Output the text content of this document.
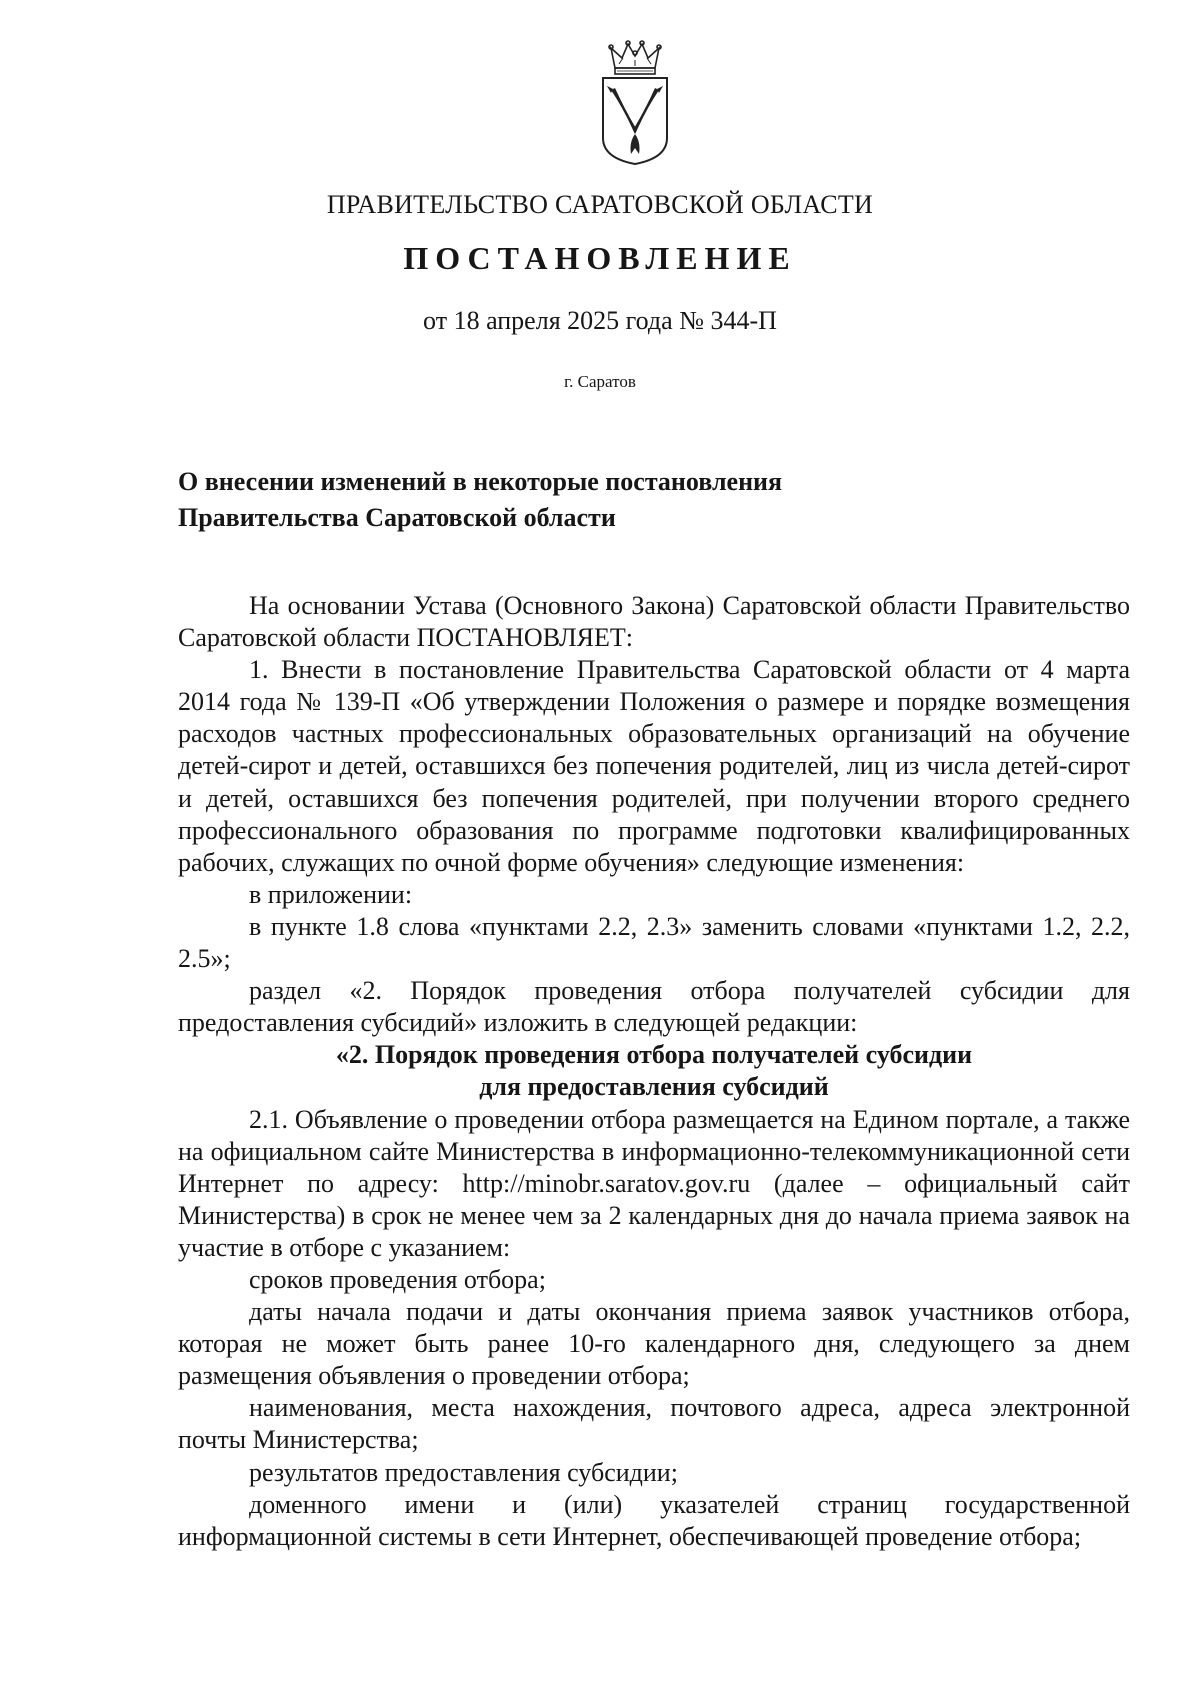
ПРАВИТЕЛЬСТВО САРАТОВСКОЙ ОБЛАСТИ

ПОСТАНОВЛЕНИЕ

от 18 апреля 2025 года № 344-П

г. Саратов

О внесении изменений в некоторые постановления
Правительства Саратовской области

На основании Устава (Основного Закона) Саратовской области Правительство Саратовской области ПОСТАНОВЛЯЕТ:

1. Внести в постановление Правительства Саратовской области от 4 марта 2014 года № 139-П «Об утверждении Положения о размере и порядке возмещения расходов частных профессиональных образовательных организаций на обучение детей-сирот и детей, оставшихся без попечения родителей, лиц из числа детей-сирот и детей, оставшихся без попечения родителей, при получении второго среднего профессионального образования по программе подготовки квалифицированных рабочих, служащих по очной форме обучения» следующие изменения:

в приложении:

в пункте 1.8 слова «пунктами 2.2, 2.3» заменить словами «пунктами 1.2, 2.2, 2.5»;

раздел «2. Порядок проведения отбора получателей субсидии для предоставления субсидий» изложить в следующей редакции:

«2. Порядок проведения отбора получателей субсидии
для предоставления субсидий

2.1. Объявление о проведении отбора размещается на Едином портале, а также на официальном сайте Министерства в информационно-телекоммуникационной сети Интернет по адресу: http://minobr.saratov.gov.ru (далее – официальный сайт Министерства) в срок не менее чем за 2 календарных дня до начала приема заявок на участие в отборе с указанием:

сроков проведения отбора;

даты начала подачи и даты окончания приема заявок участников отбора, которая не может быть ранее 10-го календарного дня, следующего за днем размещения объявления о проведении отбора;

наименования, места нахождения, почтового адреса, адреса электронной почты Министерства;

результатов предоставления субсидии;

доменного имени и (или) указателей страниц государственной информационной системы в сети Интернет, обеспечивающей проведение отбора;
